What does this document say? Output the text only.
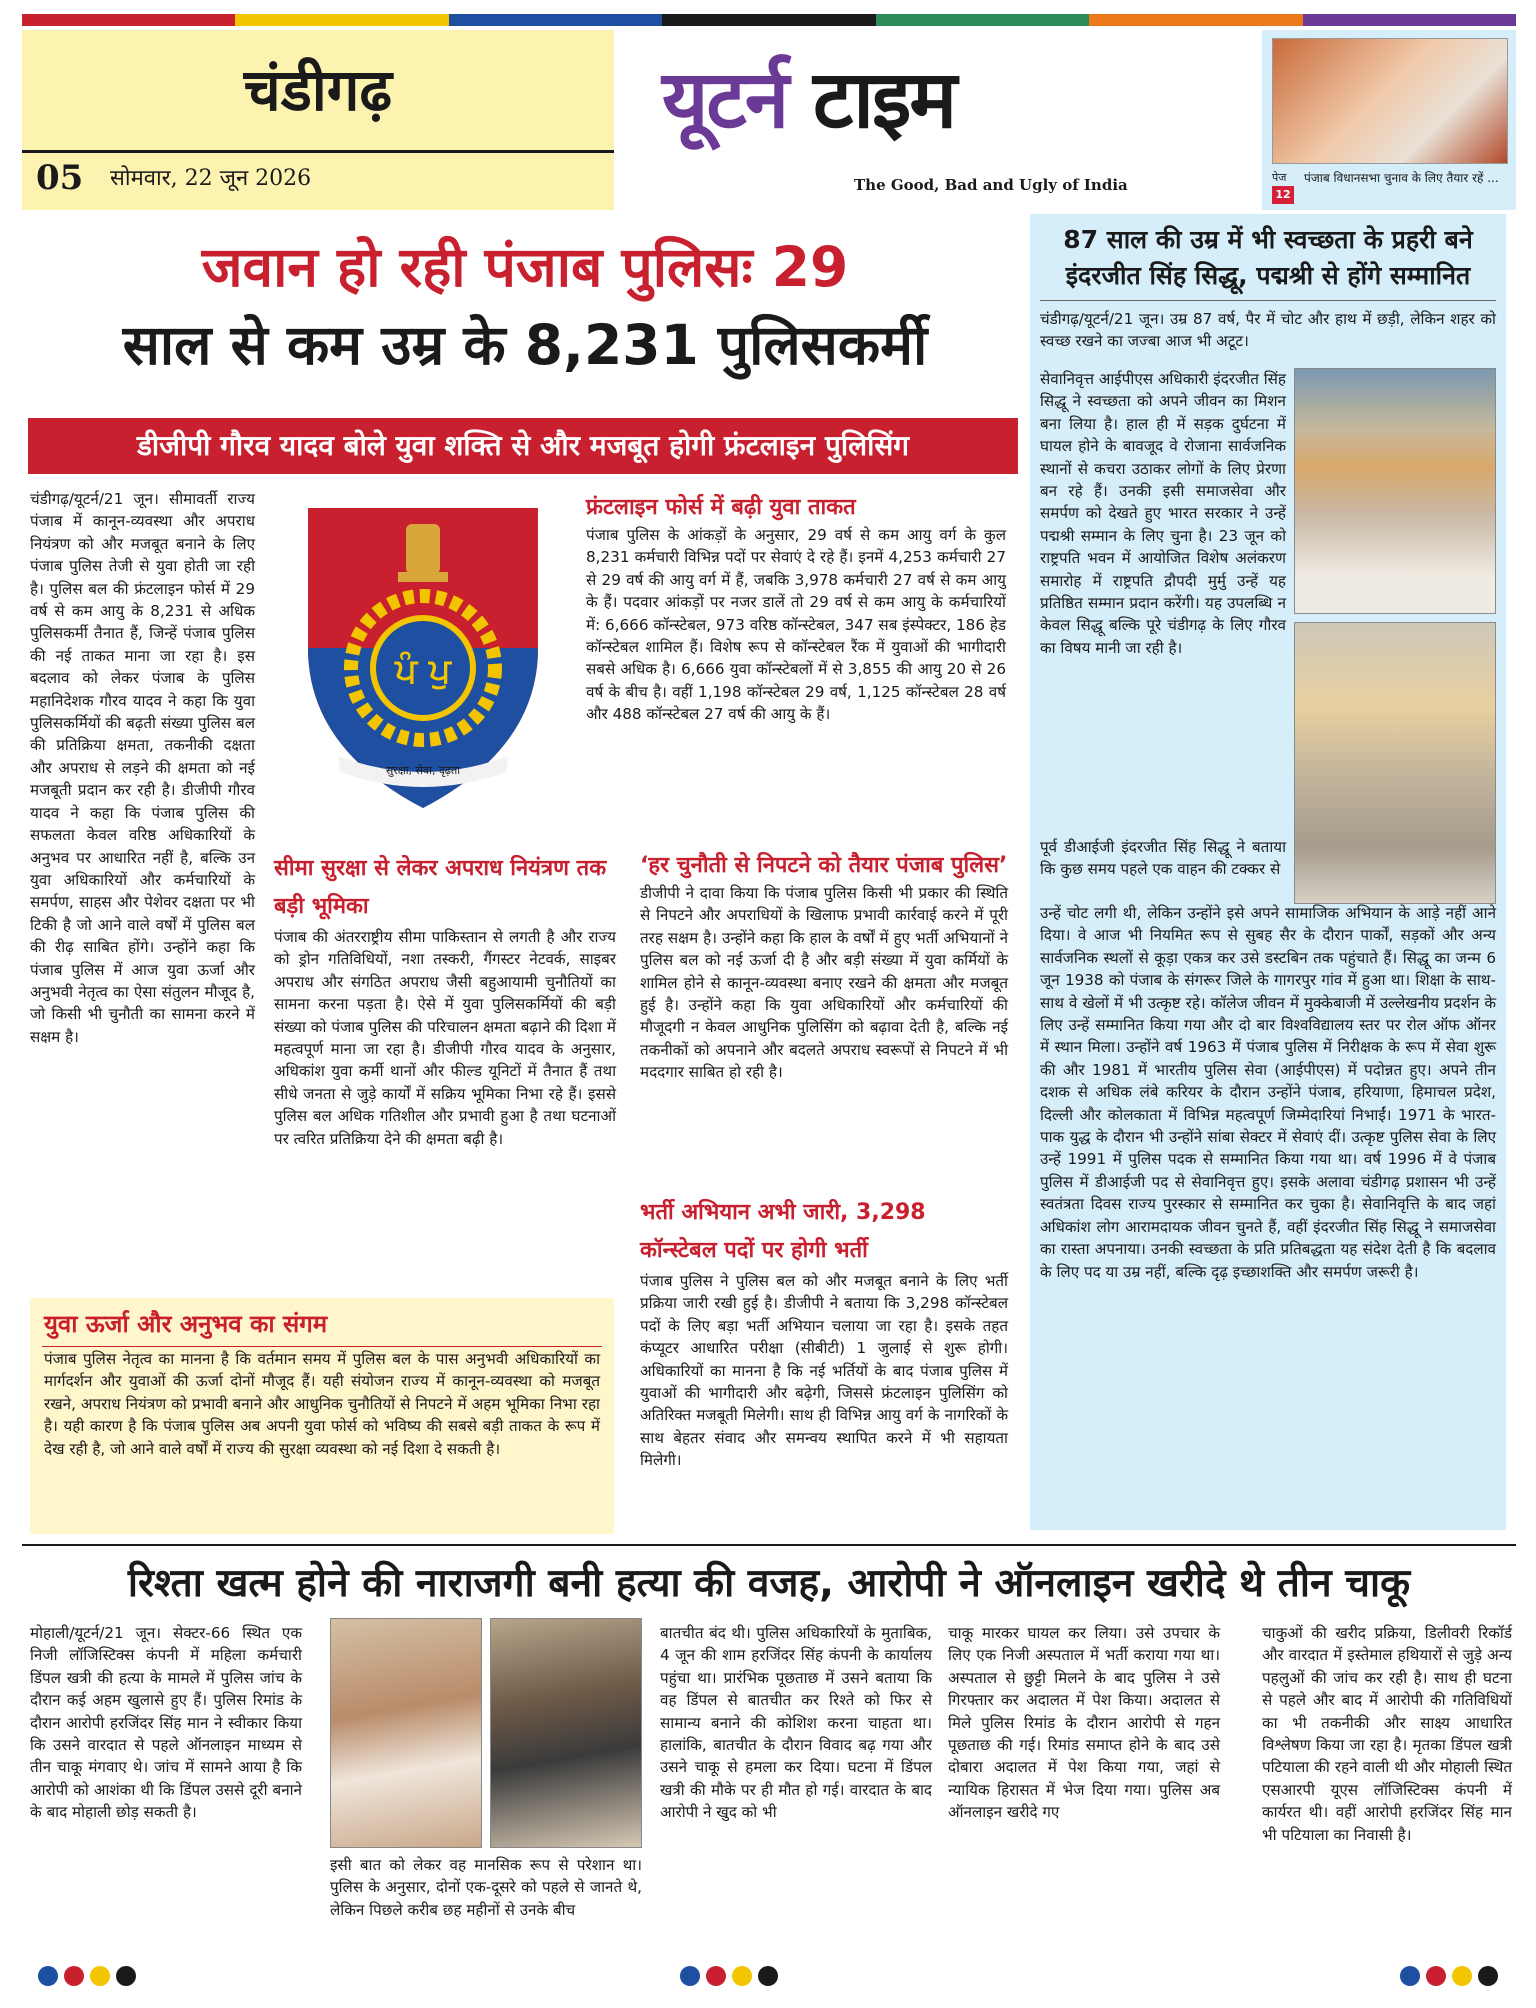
चंडीगढ़
05 सोमवार, 22 जून 2026
यूटर्न टाइम
The Good, Bad and Ugly of India	पेज
12
पंजाब विधानसभा चुनाव के लिए तैयार रहें ...
जवान हो रही पंजाब पुलिसः 29
साल से कम उम्र के 8,231 पुलिसकर्मी
डीजीपी गौरव यादव बोले युवा शक्ति से और मजबूत होगी फ्रंटलाइन पुलिसिंग
चंडीगढ़/यूटर्न/21 जून। सीमावर्ती राज्य पंजाब में कानून-व्यवस्था और अपराध नियंत्रण को और मजबूत बनाने के लिए पंजाब पुलिस तेजी से युवा होती जा रही है। पुलिस बल की फ्रंटलाइन फोर्स में 29 वर्ष से कम आयु के 8,231 से अधिक पुलिसकर्मी तैनात हैं, जिन्हें पंजाब पुलिस की नई ताकत माना जा रहा है। इस बदलाव को लेकर पंजाब के पुलिस महानिदेशक गौरव यादव ने कहा कि युवा पुलिसकर्मियों की बढ़ती संख्या पुलिस बल की प्रतिक्रिया क्षमता, तकनीकी दक्षता और अपराध से लड़ने की क्षमता को नई मजबूती प्रदान कर रही है। डीजीपी गौरव यादव ने कहा कि पंजाब पुलिस की सफलता केवल वरिष्ठ अधिकारियों के अनुभव पर आधारित नहीं है, बल्कि उन युवा अधिकारियों और कर्मचारियों के समर्पण, साहस और पेशेवर दक्षता पर भी टिकी है जो आने वाले वर्षों में पुलिस बल की रीढ़ साबित होंगे। उन्होंने कहा कि पंजाब पुलिस में आज युवा ऊर्जा और अनुभवी नेतृत्व का ऐसा संतुलन मौजूद है, जो किसी भी चुनौती का सामना करने में सक्षम है।
ਪੰ ਪੁ
सुरक्षा, सेवा, दृढ़ता
फ्रंटलाइन फोर्स में बढ़ी युवा ताकत
पंजाब पुलिस के आंकड़ों के अनुसार, 29 वर्ष से कम आयु वर्ग के कुल 8,231 कर्मचारी विभिन्न पदों पर सेवाएं दे रहे हैं। इनमें 4,253 कर्मचारी 27 से 29 वर्ष की आयु वर्ग में हैं, जबकि 3,978 कर्मचारी 27 वर्ष से कम आयु के हैं। पदवार आंकड़ों पर नजर डालें तो 29 वर्ष से कम आयु के कर्मचारियों में: 6,666 कॉन्स्टेबल, 973 वरिष्ठ कॉन्स्टेबल, 347 सब इंस्पेक्टर, 186 हेड कॉन्स्टेबल शामिल हैं। विशेष रूप से कॉन्स्टेबल रैंक में युवाओं की भागीदारी सबसे अधिक है। 6,666 युवा कॉन्स्टेबलों में से 3,855 की आयु 20 से 26 वर्ष के बीच है। वहीं 1,198 कॉन्स्टेबल 29 वर्ष, 1,125 कॉन्स्टेबल 28 वर्ष और 488 कॉन्स्टेबल 27 वर्ष की आयु के हैं।
सीमा सुरक्षा से लेकर अपराध नियंत्रण तक बड़ी भूमिका
पंजाब की अंतरराष्ट्रीय सीमा पाकिस्तान से लगती है और राज्य को ड्रोन गतिविधियों, नशा तस्करी, गैंगस्टर नेटवर्क, साइबर अपराध और संगठित अपराध जैसी बहुआयामी चुनौतियों का सामना करना पड़ता है। ऐसे में युवा पुलिसकर्मियों की बड़ी संख्या को पंजाब पुलिस की परिचालन क्षमता बढ़ाने की दिशा में महत्वपूर्ण माना जा रहा है। डीजीपी गौरव यादव के अनुसार, अधिकांश युवा कर्मी थानों और फील्ड यूनिटों में तैनात हैं तथा सीधे जनता से जुड़े कार्यों में सक्रिय भूमिका निभा रहे हैं। इससे पुलिस बल अधिक गतिशील और प्रभावी हुआ है तथा घटनाओं पर त्वरित प्रतिक्रिया देने की क्षमता बढ़ी है।
‘हर चुनौती से निपटने को तैयार पंजाब पुलिस’
डीजीपी ने दावा किया कि पंजाब पुलिस किसी भी प्रकार की स्थिति से निपटने और अपराधियों के खिलाफ प्रभावी कार्रवाई करने में पूरी तरह सक्षम है। उन्होंने कहा कि हाल के वर्षों में हुए भर्ती अभियानों ने पुलिस बल को नई ऊर्जा दी है और बड़ी संख्या में युवा कर्मियों के शामिल होने से कानून-व्यवस्था बनाए रखने की क्षमता और मजबूत हुई है। उन्होंने कहा कि युवा अधिकारियों और कर्मचारियों की मौजूदगी न केवल आधुनिक पुलिसिंग को बढ़ावा देती है, बल्कि नई तकनीकों को अपनाने और बदलते अपराध स्वरूपों से निपटने में भी मददगार साबित हो रही है।
भर्ती अभियान अभी जारी, 3,298 कॉन्स्टेबल पदों पर होगी भर्ती
पंजाब पुलिस ने पुलिस बल को और मजबूत बनाने के लिए भर्ती प्रक्रिया जारी रखी हुई है। डीजीपी ने बताया कि 3,298 कॉन्स्टेबल पदों के लिए बड़ा भर्ती अभियान चलाया जा रहा है। इसके तहत कंप्यूटर आधारित परीक्षा (सीबीटी) 1 जुलाई से शुरू होगी। अधिकारियों का मानना है कि नई भर्तियों के बाद पंजाब पुलिस में युवाओं की भागीदारी और बढ़ेगी, जिससे फ्रंटलाइन पुलिसिंग को अतिरिक्त मजबूती मिलेगी। साथ ही विभिन्न आयु वर्ग के नागरिकों के साथ बेहतर संवाद और समन्वय स्थापित करने में भी सहायता मिलेगी।
युवा ऊर्जा और अनुभव का संगम
पंजाब पुलिस नेतृत्व का मानना है कि वर्तमान समय में पुलिस बल के पास अनुभवी अधिकारियों का मार्गदर्शन और युवाओं की ऊर्जा दोनों मौजूद हैं। यही संयोजन राज्य में कानून-व्यवस्था को मजबूत रखने, अपराध नियंत्रण को प्रभावी बनाने और आधुनिक चुनौतियों से निपटने में अहम भूमिका निभा रहा है। यही कारण है कि पंजाब पुलिस अब अपनी युवा फोर्स को भविष्य की सबसे बड़ी ताकत के रूप में देख रही है, जो आने वाले वर्षों में राज्य की सुरक्षा व्यवस्था को नई दिशा दे सकती है।
87 साल की उम्र में भी स्वच्छता के प्रहरी बने इंदरजीत सिंह सिद्धू, पद्मश्री से होंगे सम्मानित
चंडीगढ़/यूटर्न/21 जून। उम्र 87 वर्ष, पैर में चोट और हाथ में छड़ी, लेकिन शहर को स्वच्छ रखने का जज्बा आज भी अटूट।
सेवानिवृत्त आईपीएस अधिकारी इंदरजीत सिंह सिद्धू ने स्वच्छता को अपने जीवन का मिशन बना लिया है। हाल ही में सड़क दुर्घटना में घायल होने के बावजूद वे रोजाना सार्वजनिक स्थानों से कचरा उठाकर लोगों के लिए प्रेरणा बन रहे हैं। उनकी इसी समाजसेवा और समर्पण को देखते हुए भारत सरकार ने उन्हें पद्मश्री सम्मान के लिए चुना है। 23 जून को राष्ट्रपति भवन में आयोजित विशेष अलंकरण समारोह में राष्ट्रपति द्रौपदी मुर्मु उन्हें यह प्रतिष्ठित सम्मान प्रदान करेंगी। यह उपलब्धि न केवल सिद्धू बल्कि पूरे चंडीगढ़ के लिए गौरव का विषय मानी जा रही है।
पूर्व डीआईजी इंदरजीत सिंह सिद्धू ने बताया कि कुछ समय पहले एक वाहन की टक्कर से
उन्हें चोट लगी थी, लेकिन उन्होंने इसे अपने सामाजिक अभियान के आड़े नहीं आने दिया। वे आज भी नियमित रूप से सुबह सैर के दौरान पार्कों, सड़कों और अन्य सार्वजनिक स्थलों से कूड़ा एकत्र कर उसे डस्टबिन तक पहुंचाते हैं। सिद्धू का जन्म 6 जून 1938 को पंजाब के संगरूर जिले के गागरपुर गांव में हुआ था। शिक्षा के साथ-साथ वे खेलों में भी उत्कृष्ट रहे। कॉलेज जीवन में मुक्केबाजी में उल्लेखनीय प्रदर्शन के लिए उन्हें सम्मानित किया गया और दो बार विश्वविद्यालय स्तर पर रोल ऑफ ऑनर में स्थान मिला। उन्होंने वर्ष 1963 में पंजाब पुलिस में निरीक्षक के रूप में सेवा शुरू की और 1981 में भारतीय पुलिस सेवा (आईपीएस) में पदोन्नत हुए। अपने तीन दशक से अधिक लंबे करियर के दौरान उन्होंने पंजाब, हरियाणा, हिमाचल प्रदेश, दिल्ली और कोलकाता में विभिन्न महत्वपूर्ण जिम्मेदारियां निभाईं। 1971 के भारत-पाक युद्ध के दौरान भी उन्होंने सांबा सेक्टर में सेवाएं दीं। उत्कृष्ट पुलिस सेवा के लिए उन्हें 1991 में पुलिस पदक से सम्मानित किया गया था। वर्ष 1996 में वे पंजाब पुलिस में डीआईजी पद से सेवानिवृत्त हुए। इसके अलावा चंडीगढ़ प्रशासन भी उन्हें स्वतंत्रता दिवस राज्य पुरस्कार से सम्मानित कर चुका है। सेवानिवृत्ति के बाद जहां अधिकांश लोग आरामदायक जीवन चुनते हैं, वहीं इंदरजीत सिंह सिद्धू ने समाजसेवा का रास्ता अपनाया। उनकी स्वच्छता के प्रति प्रतिबद्धता यह संदेश देती है कि बदलाव के लिए पद या उम्र नहीं, बल्कि दृढ़ इच्छाशक्ति और समर्पण जरूरी है।
रिश्ता खत्म होने की नाराजगी बनी हत्या की वजह, आरोपी ने ऑनलाइन खरीदे थे तीन चाकू
मोहाली/यूटर्न/21 जून। सेक्टर-66 स्थित एक निजी लॉजिस्टिक्स कंपनी में महिला कर्मचारी डिंपल खत्री की हत्या के मामले में पुलिस जांच के दौरान कई अहम खुलासे हुए हैं। पुलिस रिमांड के दौरान आरोपी हरजिंदर सिंह मान ने स्वीकार किया कि उसने वारदात से पहले ऑनलाइन माध्यम से तीन चाकू मंगवाए थे। जांच में सामने आया है कि आरोपी को आशंका थी कि डिंपल उससे दूरी बनाने के बाद मोहाली छोड़ सकती है।
इसी बात को लेकर वह मानसिक रूप से परेशान था। पुलिस के अनुसार, दोनों एक-दूसरे को पहले से जानते थे, लेकिन पिछले करीब छह महीनों से उनके बीच
बातचीत बंद थी। पुलिस अधिकारियों के मुताबिक, 4 जून की शाम हरजिंदर सिंह कंपनी के कार्यालय पहुंचा था। प्रारंभिक पूछताछ में उसने बताया कि वह डिंपल से बातचीत कर रिश्ते को फिर से सामान्य बनाने की कोशिश करना चाहता था। हालांकि, बातचीत के दौरान विवाद बढ़ गया और उसने चाकू से हमला कर दिया। घटना में डिंपल खत्री की मौके पर ही मौत हो गई। वारदात के बाद आरोपी ने खुद को भी
चाकू मारकर घायल कर लिया। उसे उपचार के लिए एक निजी अस्पताल में भर्ती कराया गया था। अस्पताल से छुट्टी मिलने के बाद पुलिस ने उसे गिरफ्तार कर अदालत में पेश किया। अदालत से मिले पुलिस रिमांड के दौरान आरोपी से गहन पूछताछ की गई। रिमांड समाप्त होने के बाद उसे दोबारा अदालत में पेश किया गया, जहां से न्यायिक हिरासत में भेज दिया गया। पुलिस अब ऑनलाइन खरीदे गए
चाकुओं की खरीद प्रक्रिया, डिलीवरी रिकॉर्ड और वारदात में इस्तेमाल हथियारों से जुड़े अन्य पहलुओं की जांच कर रही है। साथ ही घटना से पहले और बाद में आरोपी की गतिविधियों का भी तकनीकी और साक्ष्य आधारित विश्लेषण किया जा रहा है। मृतका डिंपल खत्री पटियाला की रहने वाली थी और मोहाली स्थित एसआरपी यूएस लॉजिस्टिक्स कंपनी में कार्यरत थी। वहीं आरोपी हरजिंदर सिंह मान भी पटियाला का निवासी है।
